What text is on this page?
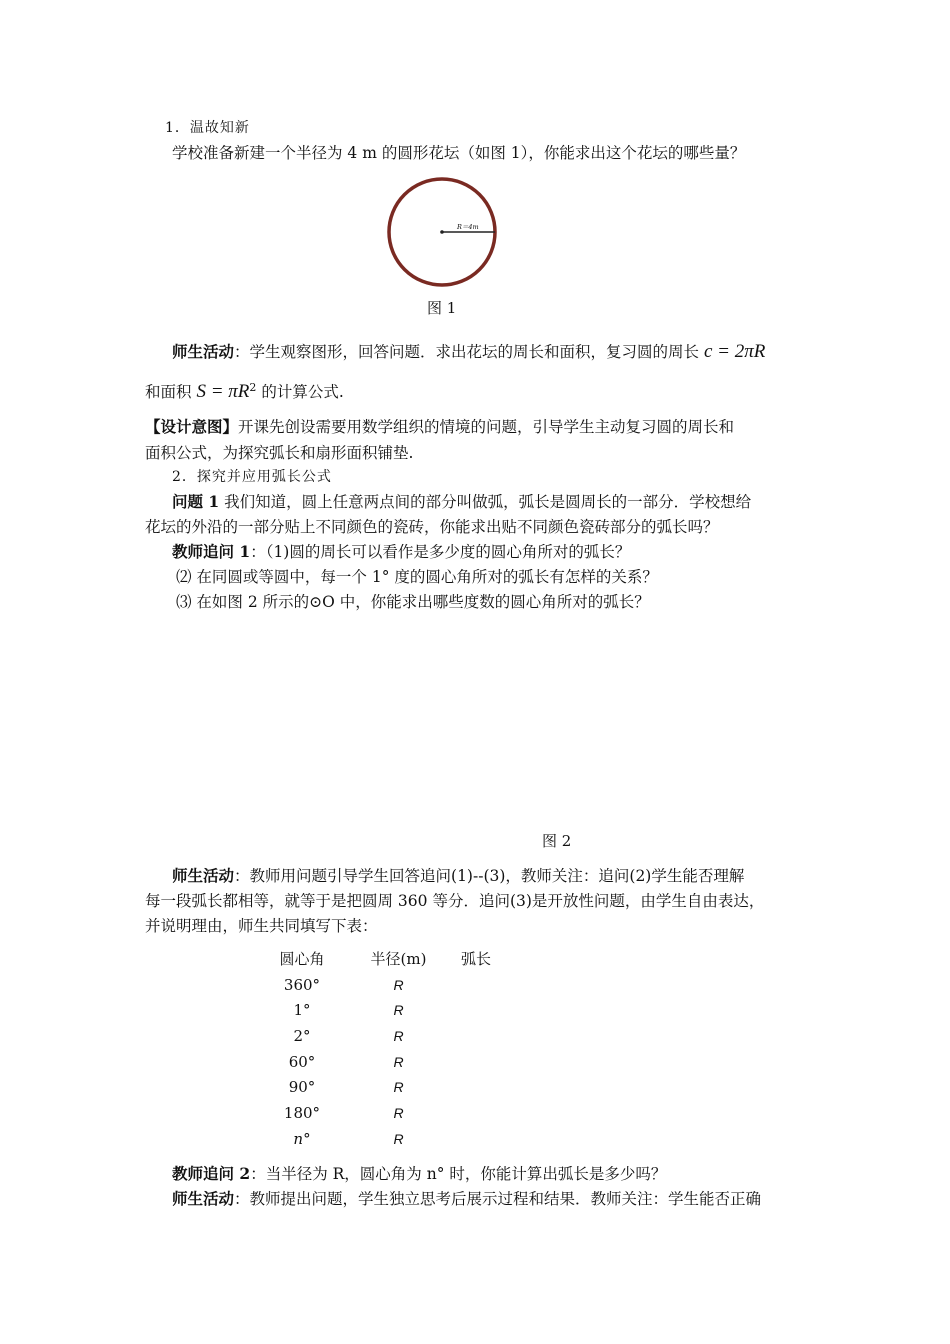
1．温故知新
学校准备新建一个半径为 4 m 的圆形花坛（如图 1），你能求出这个花坛的哪些量？
R＝4m
图 1
师生活动：学生观察图形，回答问题．求出花坛的周长和面积，复习圆的周长 c = 2πR
和面积 $S = \pi R^2$ 的计算公式.
【设计意图】开课先创设需要用数学组织的情境的问题，引导学生主动复习圆的周长和
面积公式，为探究弧长和扇形面积铺垫.
2．探究并应用弧长公式
问题 1 我们知道，圆上任意两点间的部分叫做弧，弧长是圆周长的一部分．学校想给
花坛的外沿的一部分贴上不同颜色的瓷砖，你能求出贴不同颜色瓷砖部分的弧长吗？
教师追问 1：（1)圆的周长可以看作是多少度的圆心角所对的弧长？
⑵ 在同圆或等圆中，每一个 1° 度的圆心角所对的弧长有怎样的关系？
⑶ 在如图 2 所示的⊙O 中，你能求出哪些度数的圆心角所对的弧长？
图 2
师生活动：教师用问题引导学生回答追问(1)--(3)，教师关注：追问(2)学生能否理解
每一段弧长都相等，就等于是把圆周 360 等分．追问(3)是开放性问题，由学生自由表达，
并说明理由，师生共同填写下表：
圆心角	半径(m)	弧长
360°	R	
1°	R	
2°	R	
60°	R	
90°	R	
180°	R	
n°	R	
教师追问 2：当半径为 R，圆心角为 n° 时，你能计算出弧长是多少吗？
师生活动：教师提出问题，学生独立思考后展示过程和结果．教师关注：学生能否正确
